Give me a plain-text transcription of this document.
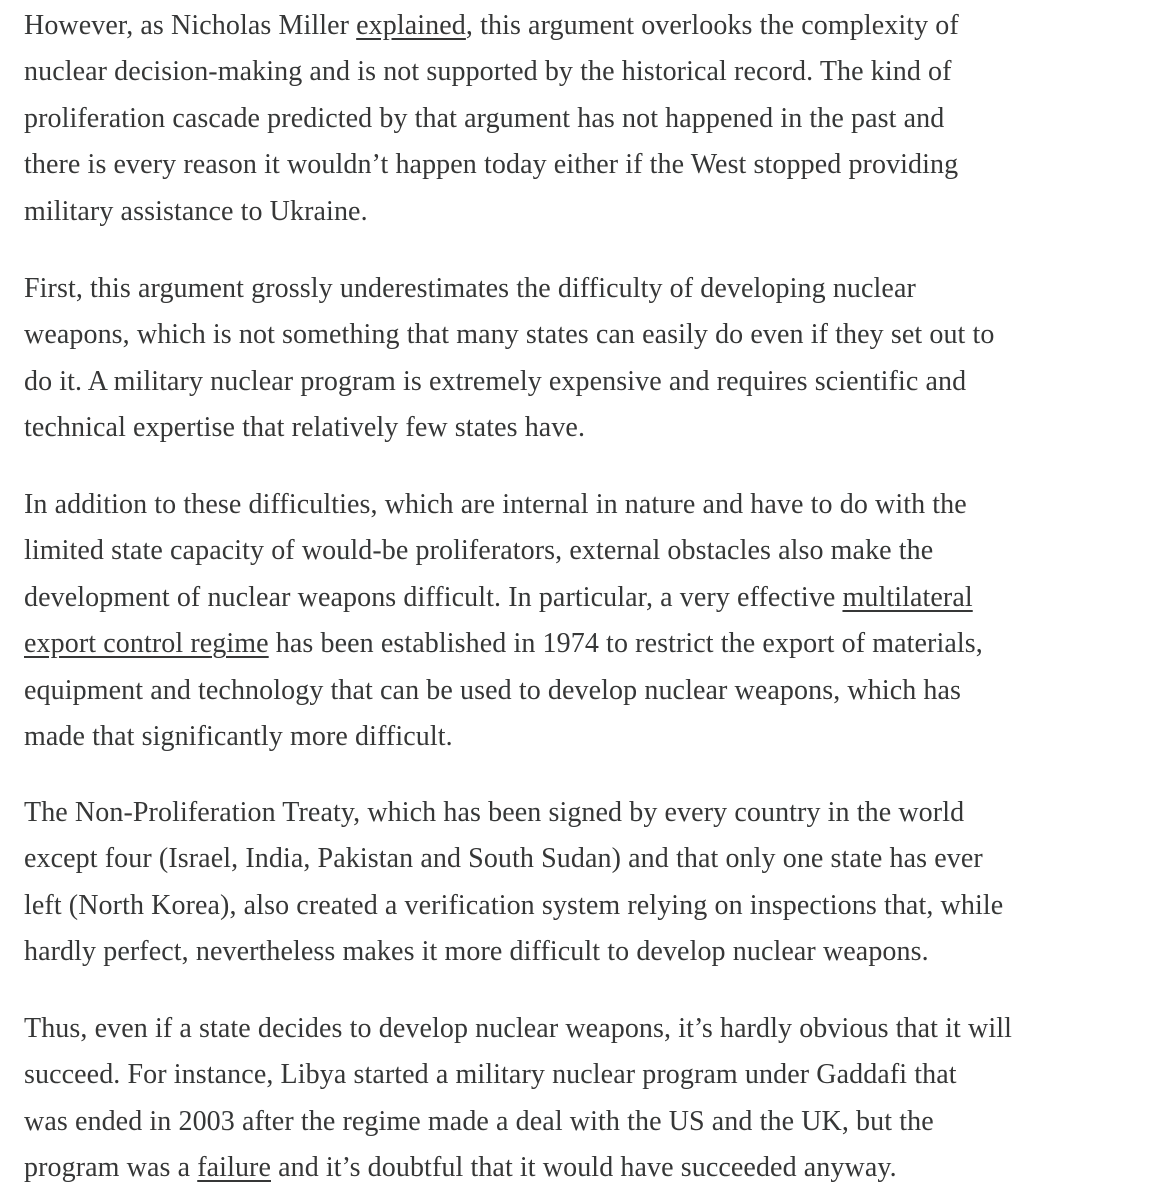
However, as Nicholas Miller explained, this argument overlooks the complexity of
nuclear decision-making and is not supported by the historical record. The kind of
proliferation cascade predicted by that argument has not happened in the past and
there is every reason it wouldn’t happen today either if the West stopped providing
military assistance to Ukraine.

First, this argument grossly underestimates the difficulty of developing nuclear
weapons, which is not something that many states can easily do even if they set out to
do it. A military nuclear program is extremely expensive and requires scientific and
technical expertise that relatively few states have.

In addition to these difficulties, which are internal in nature and have to do with the
limited state capacity of would-be proliferators, external obstacles also make the
development of nuclear weapons difficult. In particular, a very effective multilateral
export control regime has been established in 1974 to restrict the export of materials,
equipment and technology that can be used to develop nuclear weapons, which has
made that significantly more difficult.

The Non-Proliferation Treaty, which has been signed by every country in the world
except four (Israel, India, Pakistan and South Sudan) and that only one state has ever
left (North Korea), also created a verification system relying on inspections that, while
hardly perfect, nevertheless makes it more difficult to develop nuclear weapons.

Thus, even if a state decides to develop nuclear weapons, it’s hardly obvious that it will
succeed. For instance, Libya started a military nuclear program under Gaddafi that
was ended in 2003 after the regime made a deal with the US and the UK, but the
program was a failure and it’s doubtful that it would have succeeded anyway.
